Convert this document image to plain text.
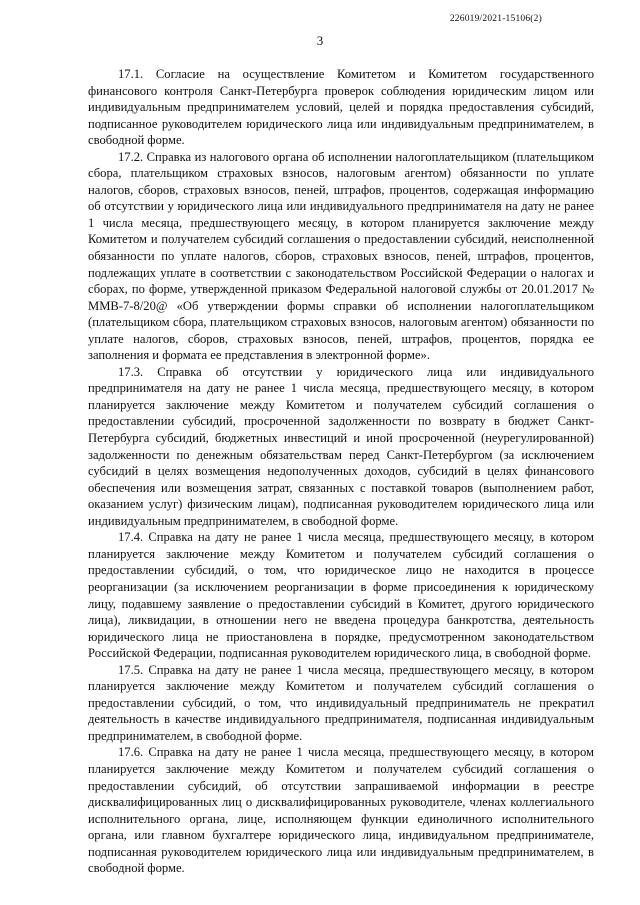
226019/2021-15106(2)
3

17.1. Согласие на осуществление Комитетом и Комитетом государственного финансового контроля Санкт-Петербурга проверок соблюдения юридическим лицом или индивидуальным предпринимателем условий, целей и порядка предоставления субсидий, подписанное руководителем юридического лица или индивидуальным предпринимателем, в свободной форме.

17.2. Справка из налогового органа об исполнении налогоплательщиком (плательщиком сбора, плательщиком страховых взносов, налоговым агентом) обязанности по уплате налогов, сборов, страховых взносов, пеней, штрафов, процентов, содержащая информацию об отсутствии у юридического лица или индивидуального предпринимателя на дату не ранее 1 числа месяца, предшествующего месяцу, в котором планируется заключение между Комитетом и получателем субсидий соглашения о предоставлении субсидий, неисполненной обязанности по уплате налогов, сборов, страховых взносов, пеней, штрафов, процентов, подлежащих уплате в соответствии с законодательством Российской Федерации о налогах и сборах, по форме, утвержденной приказом Федеральной налоговой службы от 20.01.2017 № ММВ-7-8/20@ «Об утверждении формы справки об исполнении налогоплательщиком (плательщиком сбора, плательщиком страховых взносов, налоговым агентом) обязанности по уплате налогов, сборов, страховых взносов, пеней, штрафов, процентов, порядка ее заполнения и формата ее представления в электронной форме».

17.3. Справка об отсутствии у юридического лица или индивидуального предпринимателя на дату не ранее 1 числа месяца, предшествующего месяцу, в котором планируется заключение между Комитетом и получателем субсидий соглашения о предоставлении субсидий, просроченной задолженности по возврату в бюджет Санкт-Петербурга субсидий, бюджетных инвестиций и иной просроченной (неурегулированной) задолженности по денежным обязательствам перед Санкт-Петербургом (за исключением субсидий в целях возмещения недополученных доходов, субсидий в целях финансового обеспечения или возмещения затрат, связанных с поставкой товаров (выполнением работ, оказанием услуг) физическим лицам), подписанная руководителем юридического лица или индивидуальным предпринимателем, в свободной форме.

17.4. Справка на дату не ранее 1 числа месяца, предшествующего месяцу, в котором планируется заключение между Комитетом и получателем субсидий соглашения о предоставлении субсидий, о том, что юридическое лицо не находится в процессе реорганизации (за исключением реорганизации в форме присоединения к юридическому лицу, подавшему заявление о предоставлении субсидий в Комитет, другого юридического лица), ликвидации, в отношении него не введена процедура банкротства, деятельность юридического лица не приостановлена в порядке, предусмотренном законодательством Российской Федерации, подписанная руководителем юридического лица, в свободной форме.

17.5. Справка на дату не ранее 1 числа месяца, предшествующего месяцу, в котором планируется заключение между Комитетом и получателем субсидий соглашения о предоставлении субсидий, о том, что индивидуальный предприниматель не прекратил деятельность в качестве индивидуального предпринимателя, подписанная индивидуальным предпринимателем, в свободной форме.

17.6. Справка на дату не ранее 1 числа месяца, предшествующего месяцу, в котором планируется заключение между Комитетом и получателем субсидий соглашения о предоставлении субсидий, об отсутствии запрашиваемой информации в реестре дисквалифицированных лиц о дисквалифицированных руководителе, членах коллегиального исполнительного органа, лице, исполняющем функции единоличного исполнительного органа, или главном бухгалтере юридического лица, индивидуальном предпринимателе, подписанная руководителем юридического лица или индивидуальным предпринимателем, в свободной форме.
